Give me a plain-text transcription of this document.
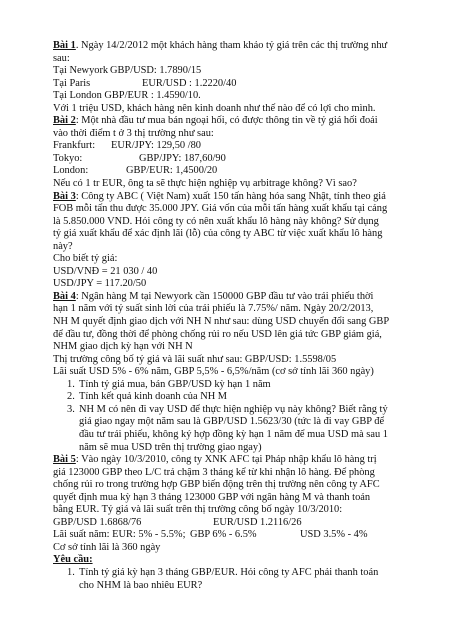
Bài 1. Ngày 14/2/2012 một khách hàng tham khảo tỷ giá trên các thị trường như
sau:
Tại Newyork GBP/USD: 1.7890/15
Tại Paris	EUR/USD : 1.2220/40
Tại London GBP/EUR : 1.4590/10.
Với 1 triệu USD, khách hàng nên kinh doanh như thế nào để có lợi cho mình.
Bài 2: Một nhà đầu tư mua bán ngoại hối, có được thông tin về tỷ giá hối đoái
vào thời điểm t ở 3 thị trường như sau:
Frankfurt: EUR/JPY: 129,50 /80
Tokyo:	GBP/JPY: 187,60/90
London:	GBP/EUR: 1,4500/20
Nếu có 1 tr EUR, ông ta sẽ thực hiện nghiệp vụ arbitrage không? Vì sao?
Bài 3: Công ty ABC ( Việt Nam) xuất 150 tấn hàng hóa sang Nhật, tính theo giá
FOB mỗi tấn thu được 35.000 JPY. Giá vốn của mỗi tấn hàng xuất khẩu tại cảng
là 5.850.000 VND. Hỏi công ty có nên xuất khẩu lô hàng này không? Sử dụng
tỷ giá xuất khẩu để xác định lãi (lỗ) của công ty ABC từ việc xuất khẩu lô hàng
này?
Cho biết tỷ giá:
USD/VNĐ = 21 030 / 40
USD/JPY = 117.20/50
Bài 4: Ngân hàng M tại Newyork cần 150000 GBP đầu tư vào trái phiếu thời
hạn 1 năm với tỷ suất sinh lời của trái phiếu là 7.75%/ năm. Ngày 20/2/2013,
NH M quyết định giao dịch với NH N như sau: dùng USD chuyển đổi sang GBP
để đầu tư, đồng thời để phòng chống rủi ro nếu USD lên giá tức GBP giảm giá,
NHM giao dịch kỳ hạn với NH N
Thị trường công bố tỷ giá và lãi suất như sau: GBP/USD: 1.5598/05
Lãi suất USD 5% - 6% năm, GBP 5,5% - 6,5%/năm (cơ sở tính lãi 360 ngày)
1. Tính tỷ giá mua, bán GBP/USD kỳ hạn 1 năm
2. Tính kết quả kinh doanh của NH M
3. NH M có nên đi vay USD để thực hiện nghiệp vụ này không? Biết rằng tỷ
giá giao ngay một năm sau là GBP/USD 1.5623/30 (tức là đi vay GBP để
đầu tư trái phiếu, không ký hợp đồng kỳ hạn 1 năm để mua USD mà sau 1
năm sẽ mua USD trên thị trường giao ngay)
Bài 5: Vào ngày 10/3/2010, công ty XNK AFC tại Pháp nhập khẩu lô hàng trị
giá 123000 GBP theo L/C trả chậm 3 tháng kể từ khi nhận lô hàng. Để phòng
chống rủi ro trong trường hợp GBP biến động trên thị trường nên công ty AFC
quyết định mua kỳ hạn 3 tháng 123000 GBP với ngân hàng M và thanh toán
bằng EUR. Tỷ giá và lãi suất trên thị trường công bố ngày 10/3/2010:
GBP/USD 1.6868/76	EUR/USD 1.2116/26
Lãi suất năm: EUR: 5% - 5.5%; GBP 6% - 6.5%	USD 3.5% - 4%
Cơ sở tính lãi là 360 ngày
Yêu cầu:
1. Tính tỷ giá kỳ hạn 3 tháng GBP/EUR. Hỏi công ty AFC phải thanh toán
cho NHM là bao nhiêu EUR?
